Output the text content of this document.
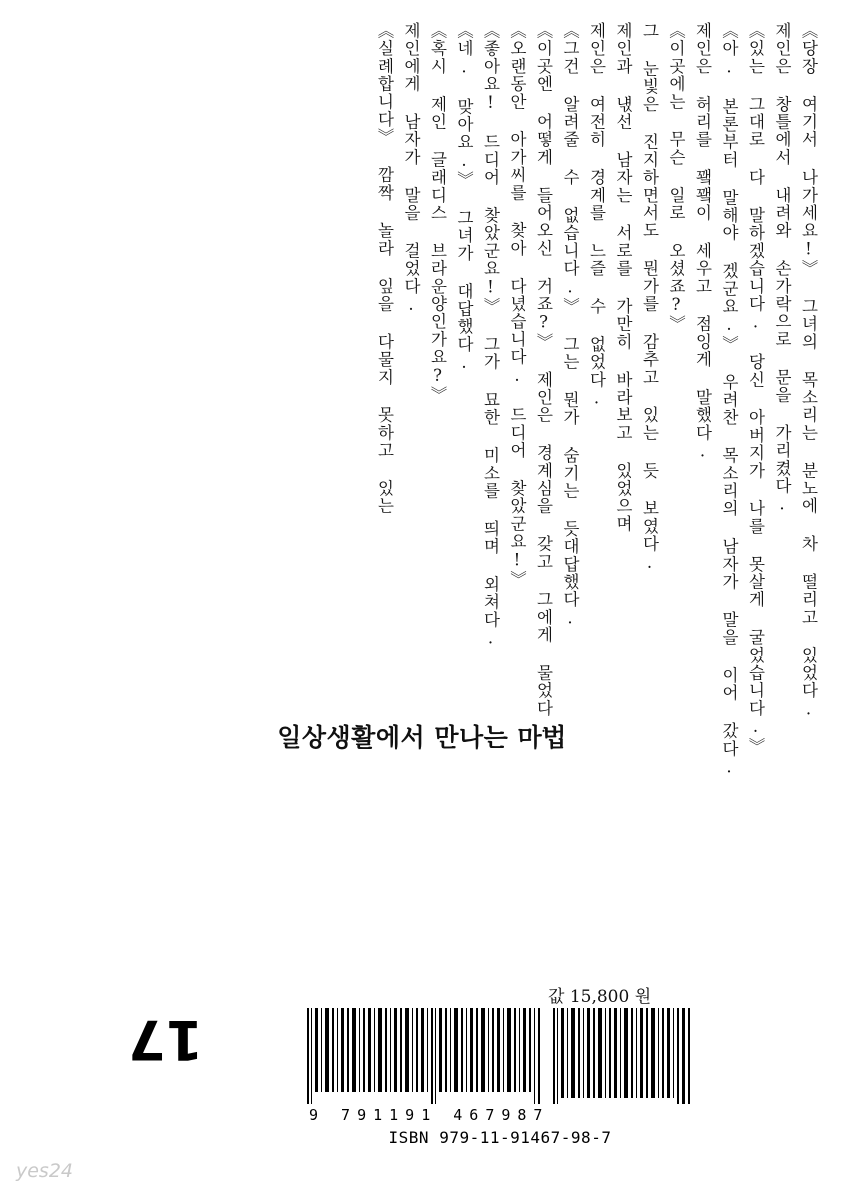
《실례합니다》 깜짝 놀라 잎을 다물지 못하고 있는 제인에게 남자가 말을 걸었다. 《혹시 제인 글래디스 브라운양인가요?》 《네. 맞아요.》 그녀가 대답했다. 《좋아요! 드디어 찾았군요!》 그가 묘한 미소를 띄며 외쳐다. 《오랜동안 아가씨를 찾아 다녔습니다. 드디어 찾았군요!》 《이곳엔 어떻게 들어오신 거죠?》 제인은 경계심을 갖고 그에게 물었다. 《그건 알려줄 수 없습니다.》 그는 뭔가 숨기는 듯대답했다. 제인은 여전히 경계를 느즐 수 없었다. 제인과 냯선 남자는 서로를 가만히 바라보고 있었으며 그 눈빛은 진지하면서도 뭔가를 감추고 있는 듯 보였다. 《이곳에는 무슨 일로 오셨죠?》 제인은 허리를 꽼꽼이 세우고 점잉게 말했다. 《아. 본론부터 말해야 겠군요.》 우려찬 목소리의 남자가 말을 이어 갔다. 《있는 그대로 다 말하겠습니다. 당신 아버지가 나를 못살게 굴었습니다.》 제인은 창틀에서 내려와 손가락으로 문을 가리켰다. 《당장 여기서 나가세요!》 그녀의 목소리는 분노에 차 떨리고 있었다.
일상생활에서 만나는 마법
값 15,800 원
17
9 791191 467987
ISBN 979-11-91467-98-7
yes24
